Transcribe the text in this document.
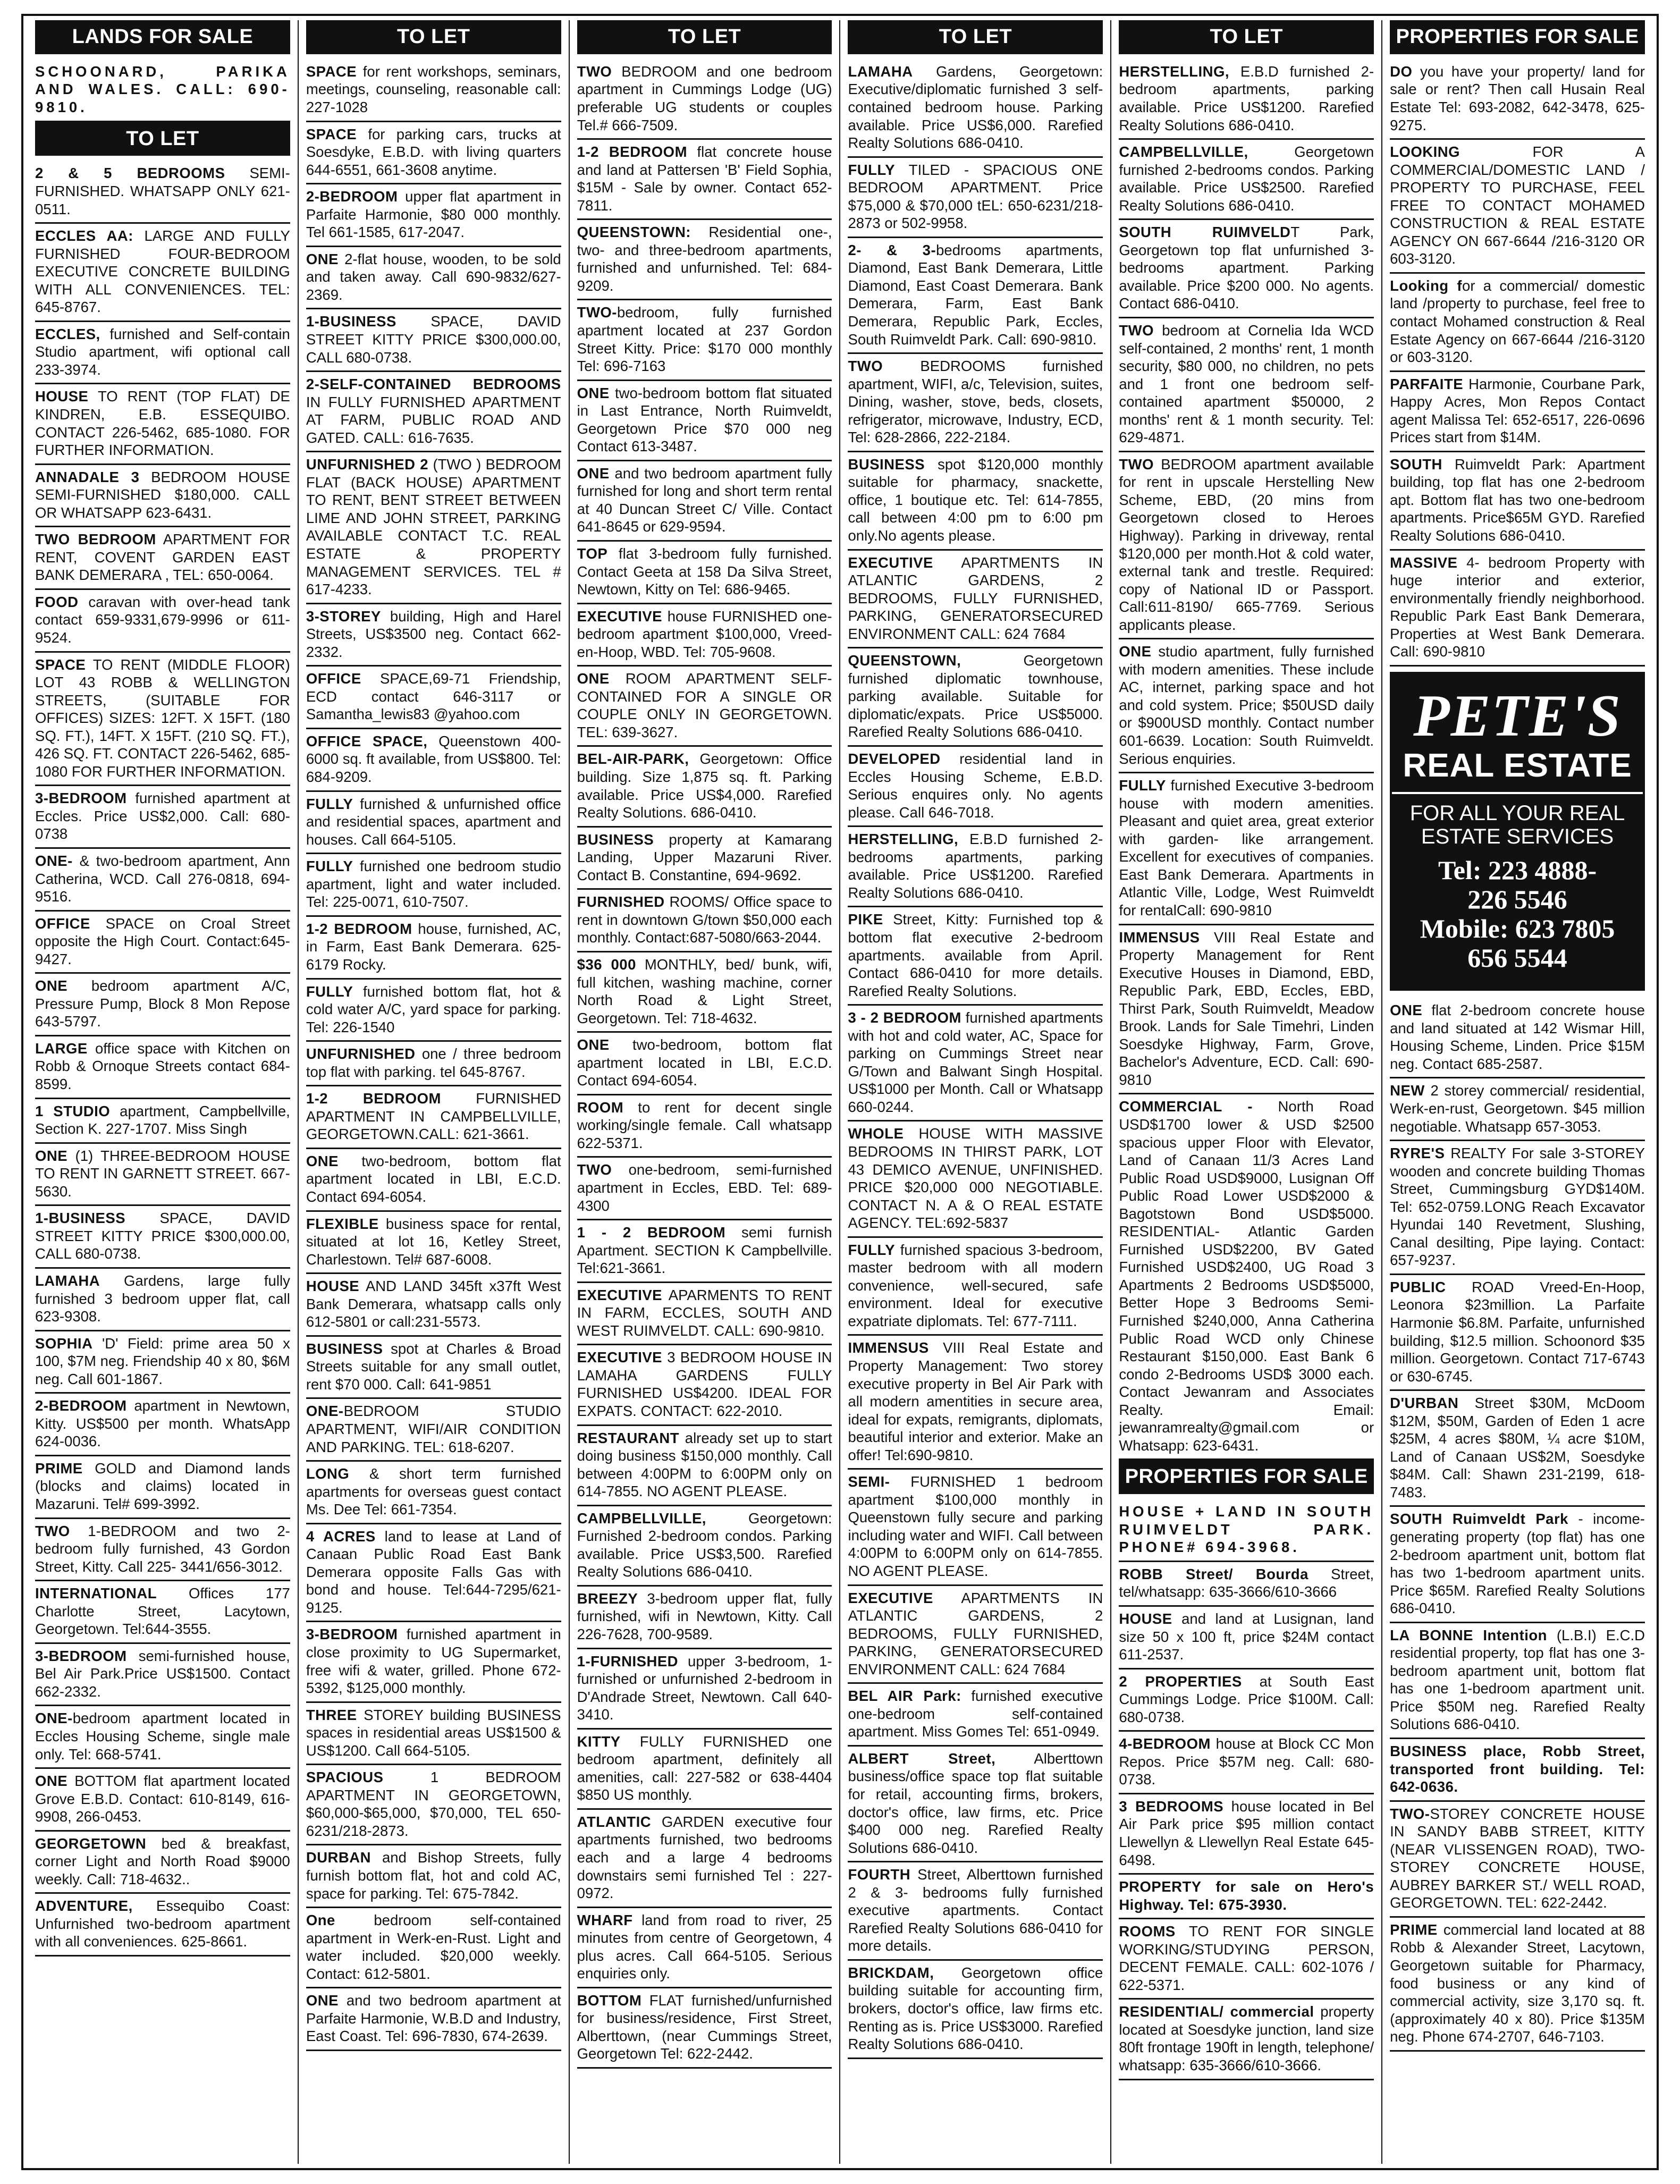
LANDS FOR SALE
SCHOONARD, PARIKA AND WALES. CALL: 690-9810.
TO LET
2 & 5 BEDROOMS SEMI-FURNISHED. WHATSAPP ONLY 621-0511.
ECCLES AA: LARGE AND FULLY FURNISHED FOUR-BEDROOM EXECUTIVE CONCRETE BUILDING WITH ALL CONVENIENCES. TEL: 645-8767.
ECCLES, furnished and Self-contain Studio apartment, wifi optional call 233-3974.
HOUSE TO RENT (TOP FLAT) DE KINDREN, E.B. ESSEQUIBO. CONTACT 226-5462, 685-1080. FOR FURTHER INFORMATION.
ANNADALE 3 BEDROOM HOUSE SEMI-FURNISHED $180,000. CALL OR WHATSAPP 623-6431.
TWO BEDROOM APARTMENT FOR RENT, COVENT GARDEN EAST BANK DEMERARA , TEL: 650-0064.
FOOD caravan with over-head tank contact 659-9331,679-9996 or 611-9524.
SPACE TO RENT (MIDDLE FLOOR) LOT 43 ROBB & WELLINGTON STREETS, (SUITABLE FOR OFFICES) SIZES: 12FT. X 15FT. (180 SQ. FT.), 14FT. X 15FT. (210 SQ. FT.), 426 SQ. FT. CONTACT 226-5462, 685-1080 FOR FURTHER INFORMATION.
3-BEDROOM furnished apartment at Eccles. Price US$2,000. Call: 680-0738
ONE- & two-bedroom apartment, Ann Catherina, WCD. Call 276-0818, 694-9516.
OFFICE SPACE on Croal Street opposite the High Court. Contact:645-9427.
ONE bedroom apartment A/C, Pressure Pump, Block 8 Mon Repose 643-5797.
LARGE office space with Kitchen on Robb & Ornoque Streets contact 684-8599.
1 STUDIO apartment, Campbellville, Section K. 227-1707. Miss Singh
ONE (1) THREE-BEDROOM HOUSE TO RENT IN GARNETT STREET. 667-5630.
1-BUSINESS SPACE, DAVID STREET KITTY PRICE $300,000.00, CALL 680-0738.
LAMAHA Gardens, large fully furnished 3 bedroom upper flat, call 623-9308.
SOPHIA 'D' Field: prime area 50 x 100, $7M neg. Friendship 40 x 80, $6M neg. Call 601-1867.
2-BEDROOM apartment in Newtown, Kitty. US$500 per month. WhatsApp 624-0036.
PRIME GOLD and Diamond lands (blocks and claims) located in Mazaruni. Tel# 699-3992.
TWO 1-BEDROOM and two 2-bedroom fully furnished, 43 Gordon Street, Kitty. Call 225- 3441/656-3012.
INTERNATIONAL Offices 177 Charlotte Street, Lacytown, Georgetown. Tel:644-3555.
3-BEDROOM semi-furnished house, Bel Air Park.Price US$1500. Contact 662-2332.
ONE-bedroom apartment located in Eccles Housing Scheme, single male only. Tel: 668-5741.
ONE BOTTOM flat apartment located Grove E.B.D. Contact: 610-8149, 616-9908, 266-0453.
GEORGETOWN bed & breakfast, corner Light and North Road $9000 weekly. Call: 718-4632..
ADVENTURE, Essequibo Coast: Unfurnished two-bedroom apartment with all conveniences. 625-8661.
TO LET
SPACE for rent workshops, seminars, meetings, counseling, reasonable call: 227-1028
SPACE for parking cars, trucks at Soesdyke, E.B.D. with living quarters 644-6551, 661-3608 anytime.
2-BEDROOM upper flat apartment in Parfaite Harmonie, $80 000 monthly. Tel 661-1585, 617-2047.
ONE 2-flat house, wooden, to be sold and taken away. Call 690-9832/627-2369.
1-BUSINESS SPACE, DAVID STREET KITTY PRICE $300,000.00, CALL 680-0738.
2-SELF-CONTAINED BEDROOMS IN FULLY FURNISHED APARTMENT AT FARM, PUBLIC ROAD AND GATED. CALL: 616-7635.
UNFURNISHED 2 (TWO ) BEDROOM FLAT (BACK HOUSE) APARTMENT TO RENT, BENT STREET BETWEEN LIME AND JOHN STREET, PARKING AVAILABLE CONTACT T.C. REAL ESTATE & PROPERTY MANAGEMENT SERVICES. TEL # 617-4233.
3-STOREY building, High and Harel Streets, US$3500 neg. Contact 662-2332.
OFFICE SPACE,69-71 Friendship, ECD contact 646-3117 or Samantha_lewis83 @yahoo.com
OFFICE SPACE, Queenstown 400-6000 sq. ft available, from US$800. Tel: 684-9209.
FULLY furnished & unfurnished office and residential spaces, apartment and houses. Call 664-5105.
FULLY furnished one bedroom studio apartment, light and water included. Tel: 225-0071, 610-7507.
1-2 BEDROOM house, furnished, AC, in Farm, East Bank Demerara. 625-6179 Rocky.
FULLY furnished bottom flat, hot & cold water A/C, yard space for parking. Tel: 226-1540
UNFURNISHED one / three bedroom top flat with parking. tel 645-8767.
1-2 BEDROOM FURNISHED APARTMENT IN CAMPBELLVILLE, GEORGETOWN.CALL: 621-3661.
ONE two-bedroom, bottom flat apartment located in LBI, E.C.D. Contact 694-6054.
FLEXIBLE business space for rental, situated at lot 16, Ketley Street, Charlestown. Tel# 687-6008.
HOUSE AND LAND 345ft x37ft West Bank Demerara, whatsapp calls only 612-5801 or call:231-5573.
BUSINESS spot at Charles & Broad Streets suitable for any small outlet, rent $70 000. Call: 641-9851
ONE-BEDROOM STUDIO APARTMENT, WIFI/AIR CONDITION AND PARKING. TEL: 618-6207.
LONG & short term furnished apartments for overseas guest contact Ms. Dee Tel: 661-7354.
4 ACRES land to lease at Land of Canaan Public Road East Bank Demerara opposite Falls Gas with bond and house. Tel:644-7295/621-9125.
3-BEDROOM furnished apartment in close proximity to UG Supermarket, free wifi & water, grilled. Phone 672-5392, $125,000 monthly.
THREE STOREY building BUSINESS spaces in residential areas US$1500 & US$1200. Call 664-5105.
SPACIOUS 1 BEDROOM APARTMENT IN GEORGETOWN, $60,000-$65,000, $70,000, TEL 650-6231/218-2873.
DURBAN and Bishop Streets, fully furnish bottom flat, hot and cold AC, space for parking. Tel: 675-7842.
One bedroom self-contained apartment in Werk-en-Rust. Light and water included. $20,000 weekly. Contact: 612-5801.
ONE and two bedroom apartment at Parfaite Harmonie, W.B.D and Industry, East Coast. Tel: 696-7830, 674-2639.
TO LET
TWO BEDROOM and one bedroom apartment in Cummings Lodge (UG) preferable UG students or couples Tel.# 666-7509.
1-2 BEDROOM flat concrete house and land at Pattersen 'B' Field Sophia, $15M - Sale by owner. Contact 652-7811.
QUEENSTOWN: Residential one-, two- and three-bedroom apartments, furnished and unfurnished. Tel: 684-9209.
TWO-bedroom, fully furnished apartment located at 237 Gordon Street Kitty. Price: $170 000 monthly Tel: 696-7163
ONE two-bedroom bottom flat situated in Last Entrance, North Ruimveldt, Georgetown Price $70 000 neg Contact 613-3487.
ONE and two bedroom apartment fully furnished for long and short term rental at 40 Duncan Street C/ Ville. Contact 641-8645 or 629-9594.
TOP flat 3-bedroom fully furnished. Contact Geeta at 158 Da Silva Street, Newtown, Kitty on Tel: 686-9465.
EXECUTIVE house FURNISHED one-bedroom apartment $100,000, Vreed-en-Hoop, WBD. Tel: 705-9608.
ONE ROOM APARTMENT SELF-CONTAINED FOR A SINGLE OR COUPLE ONLY IN GEORGETOWN. TEL: 639-3627.
BEL-AIR-PARK, Georgetown: Office building. Size 1,875 sq. ft. Parking available. Price US$4,000. Rarefied Realty Solutions. 686-0410.
BUSINESS property at Kamarang Landing, Upper Mazaruni River. Contact B. Constantine, 694-9692.
FURNISHED ROOMS/ Office space to rent in downtown G/town $50,000 each monthly. Contact:687-5080/663-2044.
$36 000 MONTHLY, bed/ bunk, wifi, full kitchen, washing machine, corner North Road & Light Street, Georgetown. Tel: 718-4632.
ONE two-bedroom, bottom flat apartment located in LBI, E.C.D. Contact 694-6054.
ROOM to rent for decent single working/single female. Call whatsapp 622-5371.
TWO one-bedroom, semi-furnished apartment in Eccles, EBD. Tel: 689-4300
1 - 2 BEDROOM semi furnish Apartment. SECTION K Campbellville. Tel:621-3661.
EXECUTIVE APARMENTS TO RENT IN FARM, ECCLES, SOUTH AND WEST RUIMVELDT. CALL: 690-9810.
EXECUTIVE 3 BEDROOM HOUSE IN LAMAHA GARDENS FULLY FURNISHED US$4200. IDEAL FOR EXPATS. CONTACT: 622-2010.
RESTAURANT already set up to start doing business $150,000 monthly. Call between 4:00PM to 6:00PM only on 614-7855. NO AGENT PLEASE.
CAMPBELLVILLE, Georgetown: Furnished 2-bedroom condos. Parking available. Price US$3,500. Rarefied Realty Solutions 686-0410.
BREEZY 3-bedroom upper flat, fully furnished, wifi in Newtown, Kitty. Call 226-7628, 700-9589.
1-FURNISHED upper 3-bedroom, 1-furnished or unfurnished 2-bedroom in D'Andrade Street, Newtown. Call 640-3410.
KITTY FULLY FURNISHED one bedroom apartment, definitely all amenities, call: 227-582 or 638-4404 $850 US monthly.
ATLANTIC GARDEN executive four apartments furnished, two bedrooms each and a large 4 bedrooms downstairs semi furnished Tel : 227-0972.
WHARF land from road to river, 25 minutes from centre of Georgetown, 4 plus acres. Call 664-5105. Serious enquiries only.
BOTTOM FLAT furnished/unfurnished for business/residence, First Street, Alberttown, (near Cummings Street, Georgetown Tel: 622-2442.
TO LET
LAMAHA Gardens, Georgetown: Executive/diplomatic furnished 3 self-contained bedroom house. Parking available. Price US$6,000. Rarefied Realty Solutions 686-0410.
FULLY TILED - SPACIOUS ONE BEDROOM APARTMENT. Price $75,000 & $70,000 tEL: 650-6231/218-2873 or 502-9958.
2- & 3-bedrooms apartments, Diamond, East Bank Demerara, Little Diamond, East Coast Demerara. Bank Demerara, Farm, East Bank Demerara, Republic Park, Eccles, South Ruimveldt Park. Call: 690-9810.
TWO BEDROOMS furnished apartment, WIFI, a/c, Television, suites, Dining, washer, stove, beds, closets, refrigerator, microwave, Industry, ECD, Tel: 628-2866, 222-2184.
BUSINESS spot $120,000 monthly suitable for pharmacy, snackette, office, 1 boutique etc. Tel: 614-7855, call between 4:00 pm to 6:00 pm only.No agents please.
EXECUTIVE APARTMENTS IN ATLANTIC GARDENS, 2 BEDROOMS, FULLY FURNISHED, PARKING, GENERATORSECURED ENVIRONMENT CALL: 624 7684
QUEENSTOWN, Georgetown furnished diplomatic townhouse, parking available. Suitable for diplomatic/expats. Price US$5000. Rarefied Realty Solutions 686-0410.
DEVELOPED residential land in Eccles Housing Scheme, E.B.D. Serious enquires only. No agents please. Call 646-7018.
HERSTELLING, E.B.D furnished 2-bedrooms apartments, parking available. Price US$1200. Rarefied Realty Solutions 686-0410.
PIKE Street, Kitty: Furnished top & bottom flat executive 2-bedroom apartments. available from April. Contact 686-0410 for more details. Rarefied Realty Solutions.
3 - 2 BEDROOM furnished apartments with hot and cold water, AC, Space for parking on Cummings Street near G/Town and Balwant Singh Hospital. US$1000 per Month. Call or Whatsapp 660-0244.
WHOLE HOUSE WITH MASSIVE BEDROOMS IN THIRST PARK, LOT 43 DEMICO AVENUE, UNFINISHED. PRICE $20,000 000 NEGOTIABLE. CONTACT N. A & O REAL ESTATE AGENCY. TEL:692-5837
FULLY furnished spacious 3-bedroom, master bedroom with all modern convenience, well-secured, safe environment. Ideal for executive expatriate diplomats. Tel: 677-7111.
IMMENSUS VIII Real Estate and Property Management: Two storey executive property in Bel Air Park with all modern amentities in secure area, ideal for expats, remigrants, diplomats, beautiful interior and exterior. Make an offer! Tel:690-9810.
SEMI- FURNISHED 1 bedroom apartment $100,000 monthly in Queenstown fully secure and parking including water and WIFI. Call between 4:00PM to 6:00PM only on 614-7855. NO AGENT PLEASE.
EXECUTIVE APARTMENTS IN ATLANTIC GARDENS, 2 BEDROOMS, FULLY FURNISHED, PARKING, GENERATORSECURED ENVIRONMENT CALL: 624 7684
BEL AIR Park: furnished executive one-bedroom self-contained apartment. Miss Gomes Tel: 651-0949.
ALBERT Street, Alberttown business/office space top flat suitable for retail, accounting firms, brokers, doctor's office, law firms, etc. Price $400 000 neg. Rarefied Realty Solutions 686-0410.
FOURTH Street, Alberttown furnished 2 & 3- bedrooms fully furnished executive apartments. Contact Rarefied Realty Solutions 686-0410 for more details.
BRICKDAM, Georgetown office building suitable for accounting firm, brokers, doctor's office, law firms etc. Renting as is. Price US$3000. Rarefied Realty Solutions 686-0410.
TO LET
HERSTELLING, E.B.D furnished 2-bedroom apartments, parking available. Price US$1200. Rarefied Realty Solutions 686-0410.
CAMPBELLVILLE, Georgetown furnished 2-bedrooms condos. Parking available. Price US$2500. Rarefied Realty Solutions 686-0410.
SOUTH RUIMVELDT Park, Georgetown top flat unfurnished 3-bedrooms apartment. Parking available. Price $200 000. No agents. Contact 686-0410.
TWO bedroom at Cornelia Ida WCD self-contained, 2 months' rent, 1 month security, $80 000, no children, no pets and 1 front one bedroom self-contained apartment $50000, 2 months' rent & 1 month security. Tel: 629-4871.
TWO BEDROOM apartment available for rent in upscale Herstelling New Scheme, EBD, (20 mins from Georgetown closed to Heroes Highway). Parking in driveway, rental $120,000 per month.Hot & cold water, external tank and trestle. Required: copy of National ID or Passport. Call:611-8190/ 665-7769. Serious applicants please.
ONE studio apartment, fully furnished with modern amenities. These include AC, internet, parking space and hot and cold system. Price; $50USD daily or $900USD monthly. Contact number 601-6639. Location: South Ruimveldt. Serious enquiries.
FULLY furnished Executive 3-bedroom house with modern amenities. Pleasant and quiet area, great exterior with garden- like arrangement. Excellent for executives of companies. East Bank Demerara. Apartments in Atlantic Ville, Lodge, West Ruimveldt for rentalCall: 690-9810
IMMENSUS VIII Real Estate and Property Management for Rent Executive Houses in Diamond, EBD, Republic Park, EBD, Eccles, EBD, Thirst Park, South Ruimveldt, Meadow Brook. Lands for Sale Timehri, Linden Soesdyke Highway, Farm, Grove, Bachelor's Adventure, ECD. Call: 690-9810
COMMERCIAL - North Road USD$1700 lower & USD $2500 spacious upper Floor with Elevator, Land of Canaan 11/3 Acres Land Public Road USD$9000, Lusignan Off Public Road Lower USD$2000 & Bagotstown Bond USD$5000. RESIDENTIAL- Atlantic Garden Furnished USD$2200, BV Gated Furnished USD$2400, UG Road 3 Apartments 2 Bedrooms USD$5000, Better Hope 3 Bedrooms Semi-Furnished $240,000, Anna Catherina Public Road WCD only Chinese Restaurant $150,000. East Bank 6 condo 2-Bedrooms USD$ 3000 each. Contact Jewanram and Associates Realty. Email: jewanramrealty@gmail.com or Whatsapp: 623-6431.
PROPERTIES FOR SALE
HOUSE + LAND IN SOUTH RUIMVELDT PARK. PHONE# 694-3968.
ROBB Street/ Bourda Street, tel/whatsapp: 635-3666/610-3666
HOUSE and land at Lusignan, land size 50 x 100 ft, price $24M contact 611-2537.
2 PROPERTIES at South East Cummings Lodge. Price $100M. Call: 680-0738.
4-BEDROOM house at Block CC Mon Repos. Price $57M neg. Call: 680-0738.
3 BEDROOMS house located in Bel Air Park price $95 million contact Llewellyn & Llewellyn Real Estate 645-6498.
PROPERTY for sale on Hero's Highway. Tel: 675-3930.
ROOMS TO RENT FOR SINGLE WORKING/STUDYING PERSON, DECENT FEMALE. CALL: 602-1076 / 622-5371.
RESIDENTIAL/ commercial property located at Soesdyke junction, land size 80ft frontage 190ft in length, telephone/ whatsapp: 635-3666/610-3666.
PROPERTIES FOR SALE
DO you have your property/ land for sale or rent? Then call Husain Real Estate Tel: 693-2082, 642-3478, 625-9275.
LOOKING FOR A COMMERCIAL/DOMESTIC LAND / PROPERTY TO PURCHASE, FEEL FREE TO CONTACT MOHAMED CONSTRUCTION & REAL ESTATE AGENCY ON 667-6644 /216-3120 OR 603-3120.
Looking for a commercial/ domestic land /property to purchase, feel free to contact Mohamed construction & Real Estate Agency on 667-6644 /216-3120 or 603-3120.
PARFAITE Harmonie, Courbane Park, Happy Acres, Mon Repos Contact agent Malissa Tel: 652-6517, 226-0696 Prices start from $14M.
SOUTH Ruimveldt Park: Apartment building, top flat has one 2-bedroom apt. Bottom flat has two one-bedroom apartments. Price$65M GYD. Rarefied Realty Solutions 686-0410.
MASSIVE 4- bedroom Property with huge interior and exterior, environmentally friendly neighborhood. Republic Park East Bank Demerara, Properties at West Bank Demerara. Call: 690-9810
PETE'S
REAL ESTATE
FOR ALL YOUR REAL ESTATE SERVICES
Tel: 223 4888-
226 5546
Mobile: 623 7805
656 5544
ONE flat 2-bedroom concrete house and land situated at 142 Wismar Hill, Housing Scheme, Linden. Price $15M neg. Contact 685-2587.
NEW 2 storey commercial/ residential, Werk-en-rust, Georgetown. $45 million negotiable. Whatsapp 657-3053.
RYRE'S REALTY For sale 3-STOREY wooden and concrete building Thomas Street, Cummingsburg GYD$140M. Tel: 652-0759.LONG Reach Excavator Hyundai 140 Revetment, Slushing, Canal desilting, Pipe laying. Contact: 657-9237.
PUBLIC ROAD Vreed-En-Hoop, Leonora $23million. La Parfaite Harmonie $6.8M. Parfaite, unfurnished building, $12.5 million. Schoonord $35 million. Georgetown. Contact 717-6743 or 630-6745.
D'URBAN Street $30M, McDoom $12M, $50M, Garden of Eden 1 acre $25M, 4 acres $80M, ¼ acre $10M, Land of Canaan US$2M, Soesdyke $84M. Call: Shawn 231-2199, 618-7483.
SOUTH Ruimveldt Park - income-generating property (top flat) has one 2-bedroom apartment unit, bottom flat has two 1-bedroom apartment units. Price $65M. Rarefied Realty Solutions 686-0410.
LA BONNE Intention (L.B.I) E.C.D residential property, top flat has one 3-bedroom apartment unit, bottom flat has one 1-bedroom apartment unit. Price $50M neg. Rarefied Realty Solutions 686-0410.
BUSINESS place, Robb Street, transported front building. Tel: 642-0636.
TWO-STOREY CONCRETE HOUSE IN SANDY BABB STREET, KITTY (NEAR VLISSENGEN ROAD), TWO-STOREY CONCRETE HOUSE, AUBREY BARKER ST./ WELL ROAD, GEORGETOWN. TEL: 622-2442.
PRIME commercial land located at 88 Robb & Alexander Street, Lacytown, Georgetown suitable for Pharmacy, food business or any kind of commercial activity, size 3,170 sq. ft. (approximately 40 x 80). Price $135M neg. Phone 674-2707, 646-7103.
